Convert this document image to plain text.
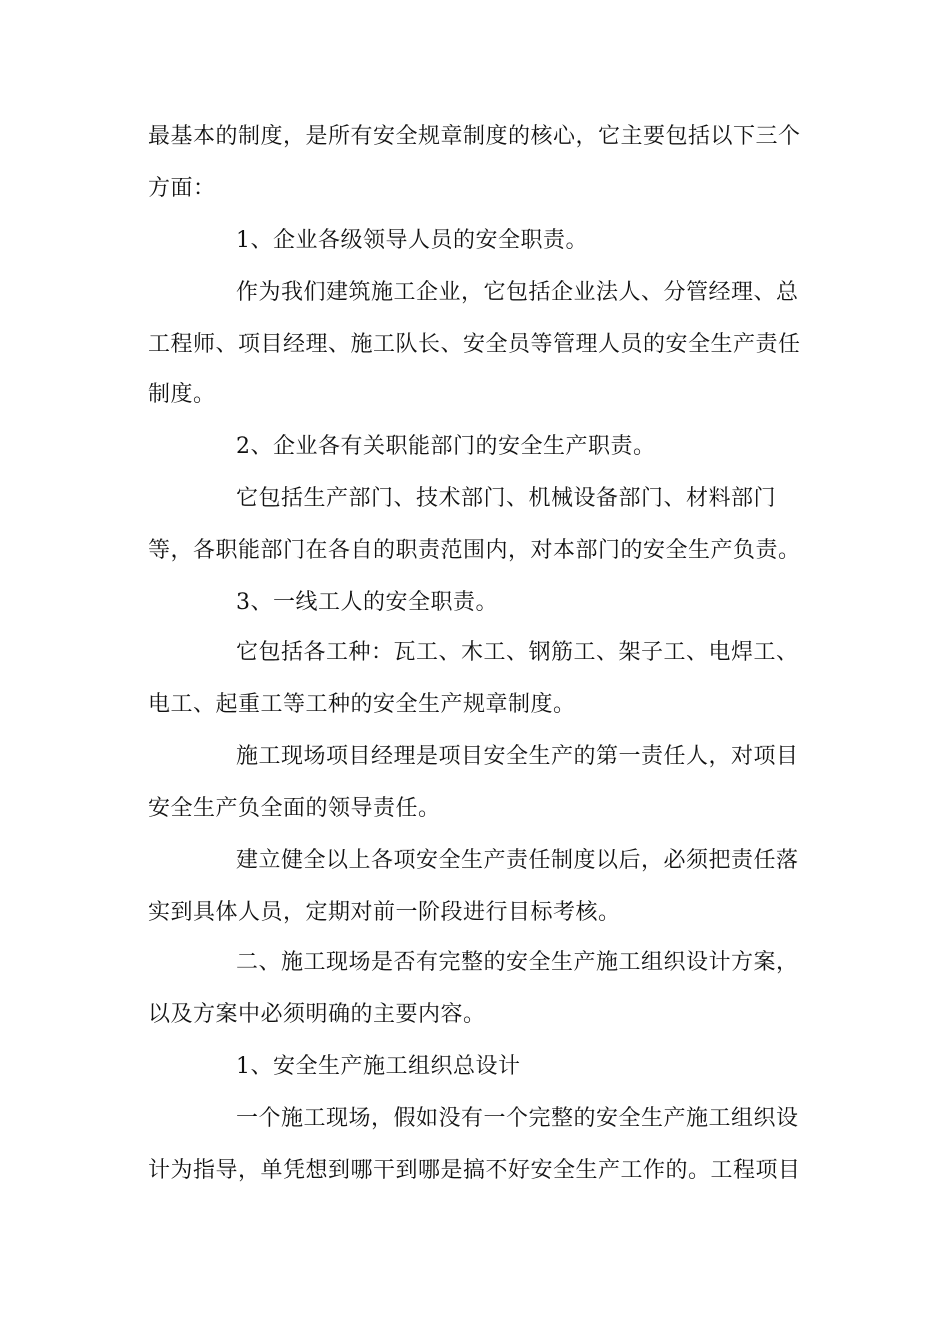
最基本的制度，是所有安全规章制度的核心，它主要包括以下三个
方面：
1、企业各级领导人员的安全职责。
作为我们建筑施工企业，它包括企业法人、分管经理、总
工程师、项目经理、施工队长、安全员等管理人员的安全生产责任
制度。
2、企业各有关职能部门的安全生产职责。
它包括生产部门、技术部门、机械设备部门、材料部门
等，各职能部门在各自的职责范围内，对本部门的安全生产负责。
3、一线工人的安全职责。
它包括各工种：瓦工、木工、钢筋工、架子工、电焊工、
电工、起重工等工种的安全生产规章制度。
施工现场项目经理是项目安全生产的第一责任人，对项目
安全生产负全面的领导责任。
建立健全以上各项安全生产责任制度以后，必须把责任落
实到具体人员，定期对前一阶段进行目标考核。
二、施工现场是否有完整的安全生产施工组织设计方案，
以及方案中必须明确的主要内容。
1、安全生产施工组织总设计
一个施工现场，假如没有一个完整的安全生产施工组织设
计为指导，单凭想到哪干到哪是搞不好安全生产工作的。工程项目
